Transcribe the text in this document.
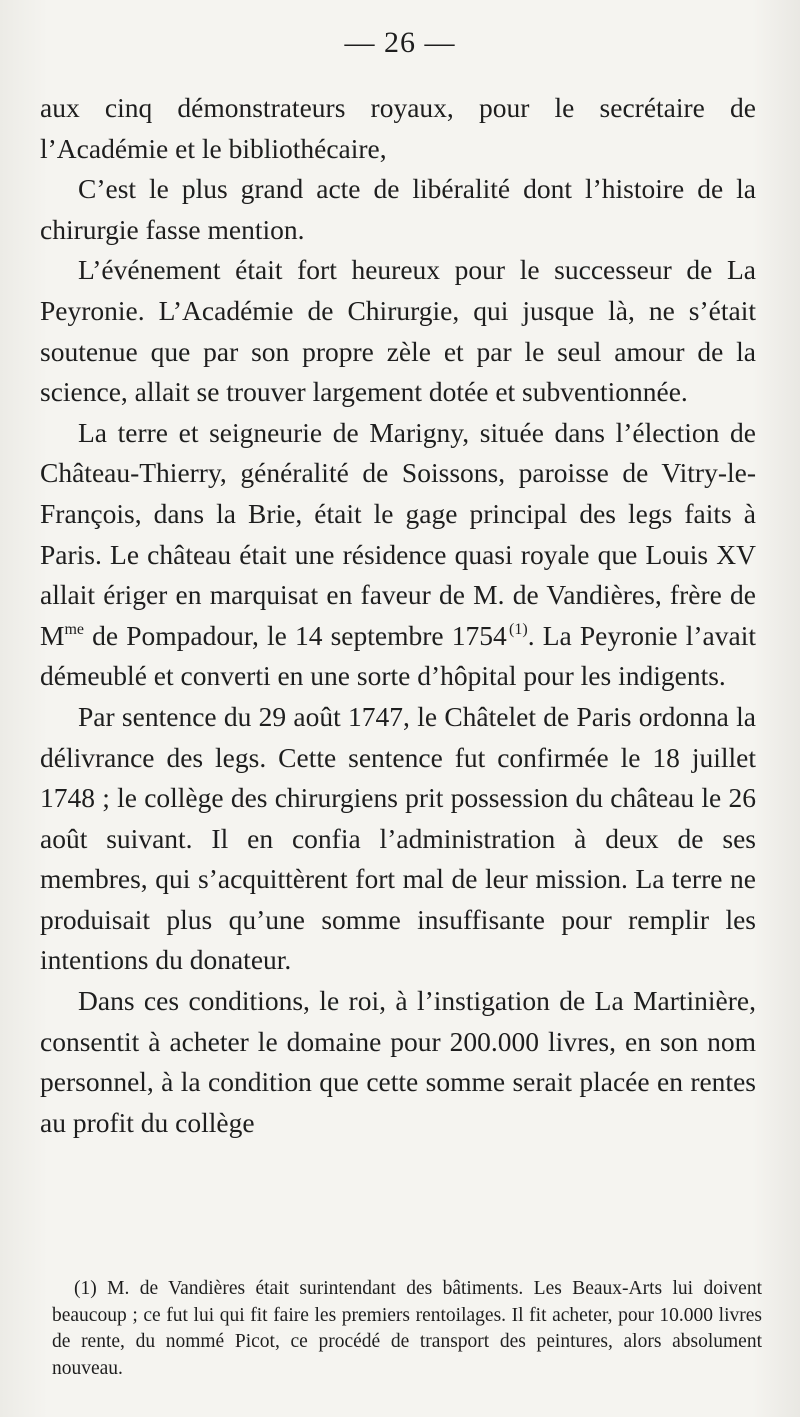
— 26 —

aux cinq démonstrateurs royaux, pour le secrétaire de l’Académie et le bibliothécaire,

C’est le plus grand acte de libéralité dont l’histoire de la chirurgie fasse mention.

L’événement était fort heureux pour le successeur de La Peyronie. L’Académie de Chirurgie, qui jusque là, ne s’était soutenue que par son propre zèle et par le seul amour de la science, allait se trouver largement dotée et subventionnée.

La terre et seigneurie de Marigny, située dans l’élection de Château-Thierry, généralité de Soissons, paroisse de Vitry-le-François, dans la Brie, était le gage principal des legs faits à Paris. Le château était une résidence quasi royale que Louis XV allait ériger en marquisat en faveur de M. de Vandières, frère de $M^{me}$ de Pompadour, le 14 septembre 1754  $^{(1)}$. La Peyronie l’avait démeublé et converti en une sorte d’hôpital pour les indigents.

Par sentence du 29 août 1747, le Châtelet de Paris ordonna la délivrance des legs. Cette sentence fut confirmée le 18 juillet 1748 ; le collège des chirurgiens prit possession du château le 26 août suivant. Il en confia l’administration à deux de ses membres, qui s’acquittèrent fort mal de leur mission. La terre ne produisait plus qu’une somme insuffisante pour remplir les intentions du donateur.

Dans ces conditions, le roi, à l’instigation de La Martinière, consentit à acheter le domaine pour 200.000 livres, en son nom personnel, à la condition que cette somme serait placée en rentes au profit du collège

(1) M. de Vandières était surintendant des bâtiments. Les Beaux-Arts lui doivent beaucoup ; ce fut lui qui fit faire les premiers rentoilages. Il fit acheter, pour 10.000 livres de rente, du nommé Picot, ce procédé de transport des peintures, alors absolument nouveau.
